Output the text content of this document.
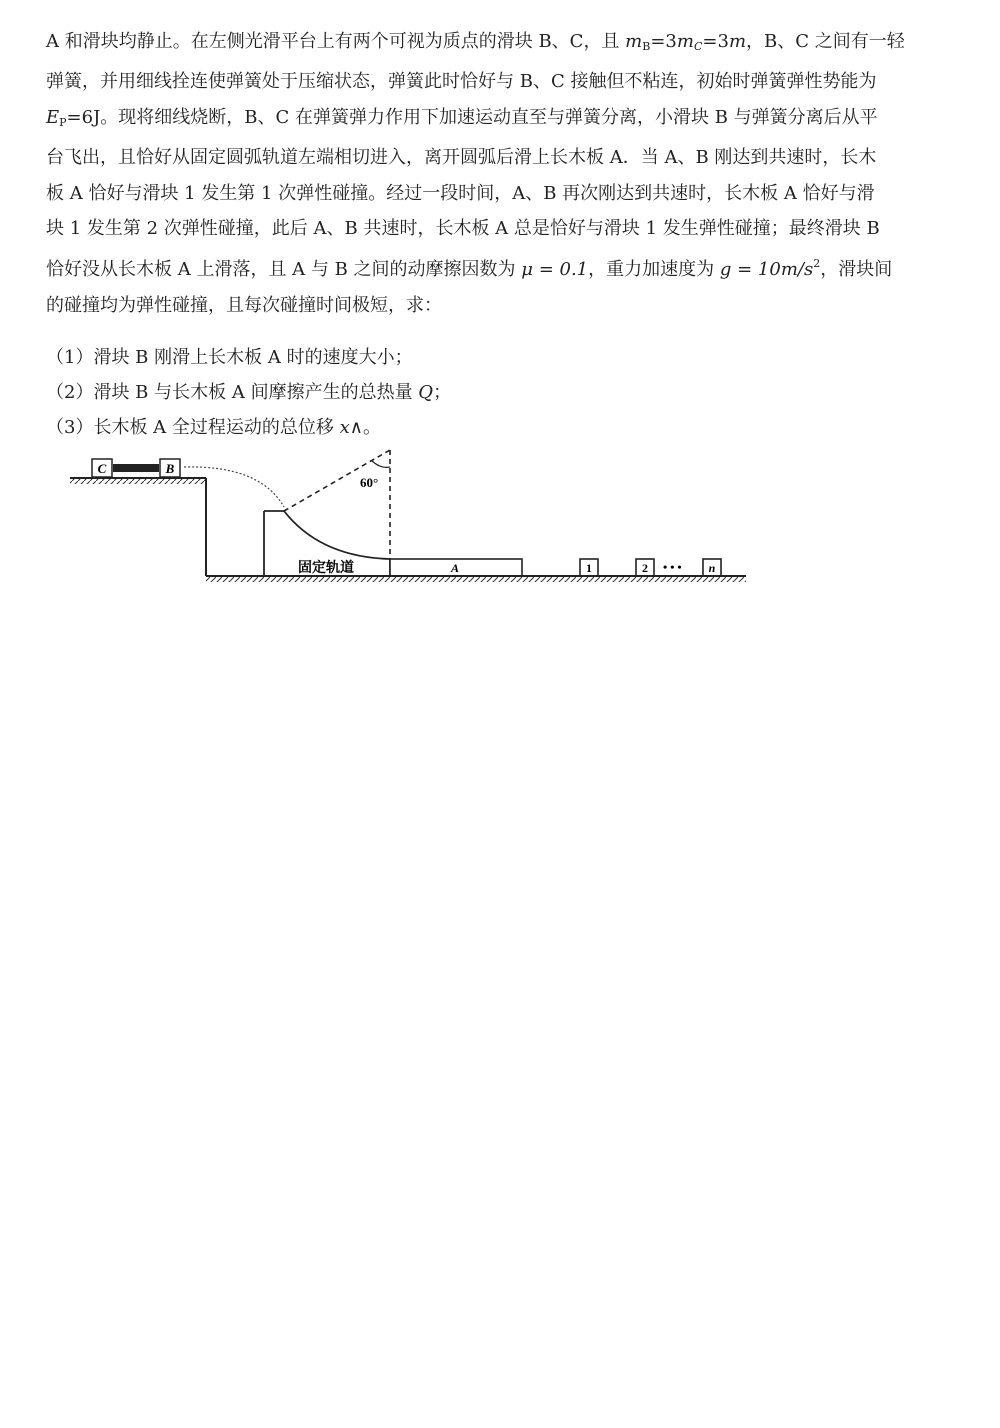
A 和滑块均静止。在左侧光滑平台上有两个可视为质点的滑块 B、C，且 $m_B=3m_C=3m$，B、C 之间有一轻

弹簧，并用细线拴连使弹簧处于压缩状态，弹簧此时恰好与 B、C 接触但不粘连，初始时弹簧弹性势能为

$E_P=6J$。现将细线烧断，B、C 在弹簧弹力作用下加速运动直至与弹簧分离，小滑块 B 与弹簧分离后从平

台飞出，且恰好从固定圆弧轨道左端相切进入，离开圆弧后滑上长木板 A．当 A、B 刚达到共速时，长木

板 A 恰好与滑块 1 发生第 1 次弹性碰撞。经过一段时间，A、B 再次刚达到共速时，长木板 A 恰好与滑

块 1 发生第 2 次弹性碰撞，此后 A、B 共速时，长木板 A 总是恰好与滑块 1 发生弹性碰撞；最终滑块 B

恰好没从长木板 A 上滑落，且 A 与 B 之间的动摩擦因数为 μ = 0.1，重力加速度为 $g = 10m/s^2$，滑块间

的碰撞均为弹性碰撞，且每次碰撞时间极短，求：

（1）滑块 B 刚滑上长木板 A 时的速度大小；

（2）滑块 B 与长木板 A 间摩擦产生的总热量 Q；

（3）长木板 A 全过程运动的总位移 x∧。

C	B
固定轨道
60°
A	1	2 • • • n
